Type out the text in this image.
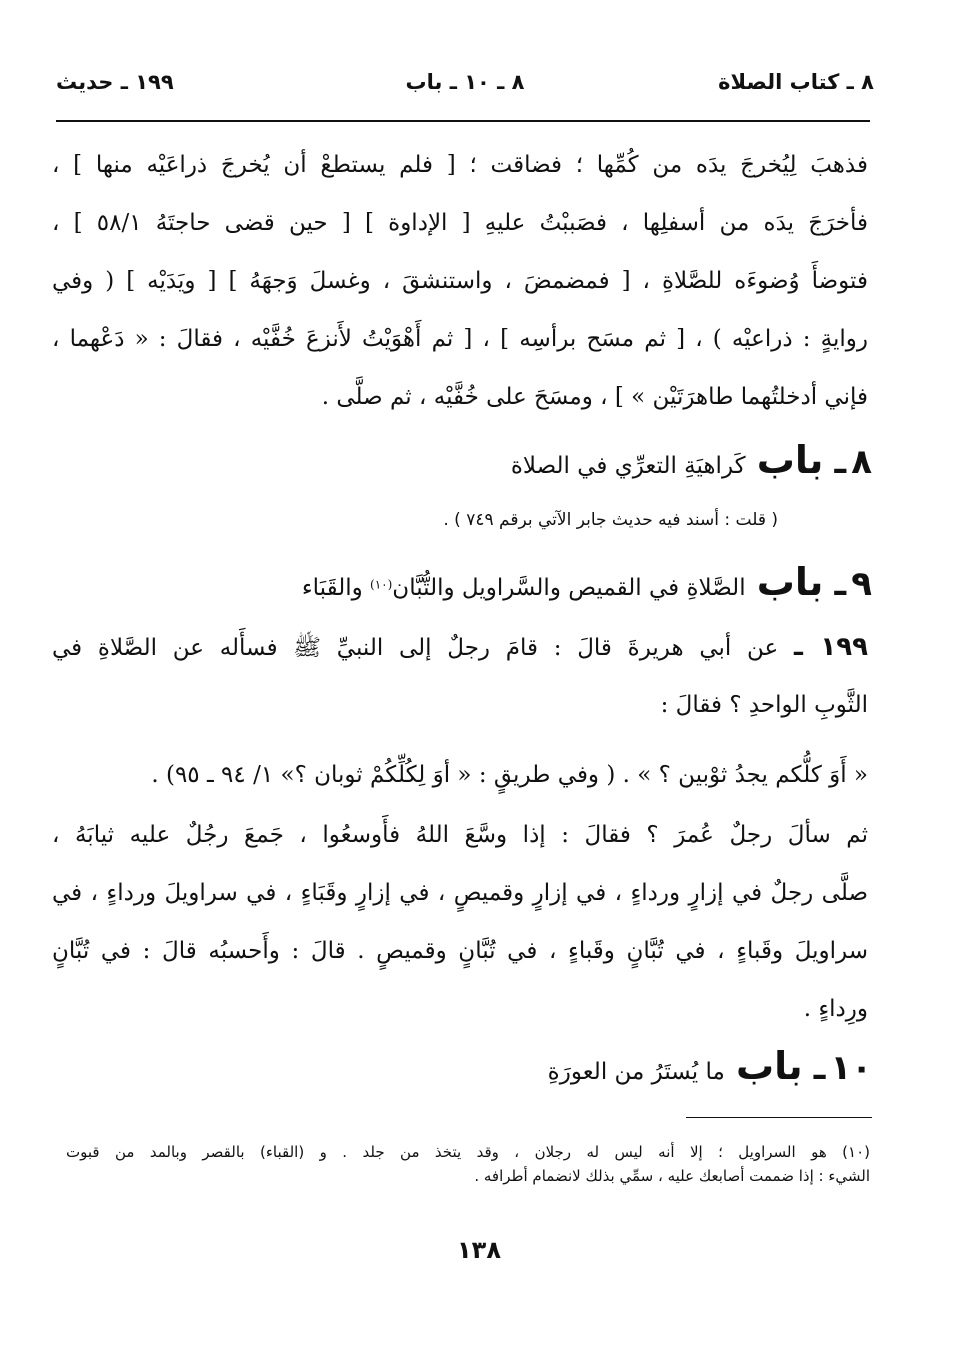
٨ ـ كتاب الصلاة
٨ ـ ١٠ ـ باب
١٩٩ ـ حديث
فذهبَ لِيُخرجَ يدَه من كُمِّها ؛ فضاقت ؛ [ فلم يستطعْ أن يُخرجَ ذراعَيْه منها ] ،
فأخرَجَ يدَه من أسفلِها ، فصَببْتُ عليهِ [ الإداوة ] [ حين قضى حاجتَهُ ٥٨/١ ] ،
فتوضأَ وُضوءَه للصَّلاةِ ، [ فمضمضَ ، واستنشقَ ، وغسلَ وَجهَهُ ] [ ويَدَيْه ] ( وفي
روايةٍ : ذراعيْه ) ، [ ثم مسَح برأسِه ] ، [ ثم أَهْوَيْتُ لأَنزعَ خُفَّيْه ، فقالَ : « دَعْهما ،
فإني أدخلتُهما طاهرَتَيْن » ] ، ومسَحَ على خُفَّيْه ، ثم صلَّى .
٨ ـ باب كَراهيَةِ التعرِّي في الصلاة
( قلت : أسند فيه حديث جابر الآتي برقم ٧٤٩ ) .
٩ ـ باب الصَّلاةِ في القميص والسَّراويل والتُّبَّان$^{(١٠)}$ والقَبَاء
١٩٩ ـ عن أبي هريرةَ قالَ : قامَ رجلٌ إلى النبيِّ ﷺ فسأَله عن الصَّلاةِ في
الثَّوبِ الواحدِ ؟ فقالَ :
« أَوَ كلُّكم يجدُ ثوْبين ؟ » . ( وفي طريقٍ : « أوَ لِكُلِّكُمْ ثوبان ؟» ١/ ٩٤ ـ ٩٥) .
ثم سألَ رجلٌ عُمرَ ؟ فقالَ : إذا وسَّعَ اللهُ فأَوسعُوا ، جَمعَ رجُلٌ عليه ثيابَهُ ،
صلَّى رجلٌ في إزارٍ ورداءٍ ، في إزارٍ وقميصٍ ، في إزارٍ وقَبَاءٍ ، في سراويلَ ورداءٍ ، في
سراويلَ وقَباءٍ ، في تُبَّانٍ وقَباءٍ ، في تُبَّانٍ وقميصٍ . قالَ : وأَحسبُه قالَ : في تُبَّانٍ
ورِداءٍ .
١٠ ـ باب ما يُستَرُ من العورَةِ
(١٠) هو السراويل ؛ إلا أنه ليس له رجلان ، وقد يتخذ من جلد . و (القباء) بالقصر وبالمد من قبوت
الشيء : إذا ضممت أصابعك عليه ، سمِّي بذلك لانضمام أطرافه .
١٣٨
